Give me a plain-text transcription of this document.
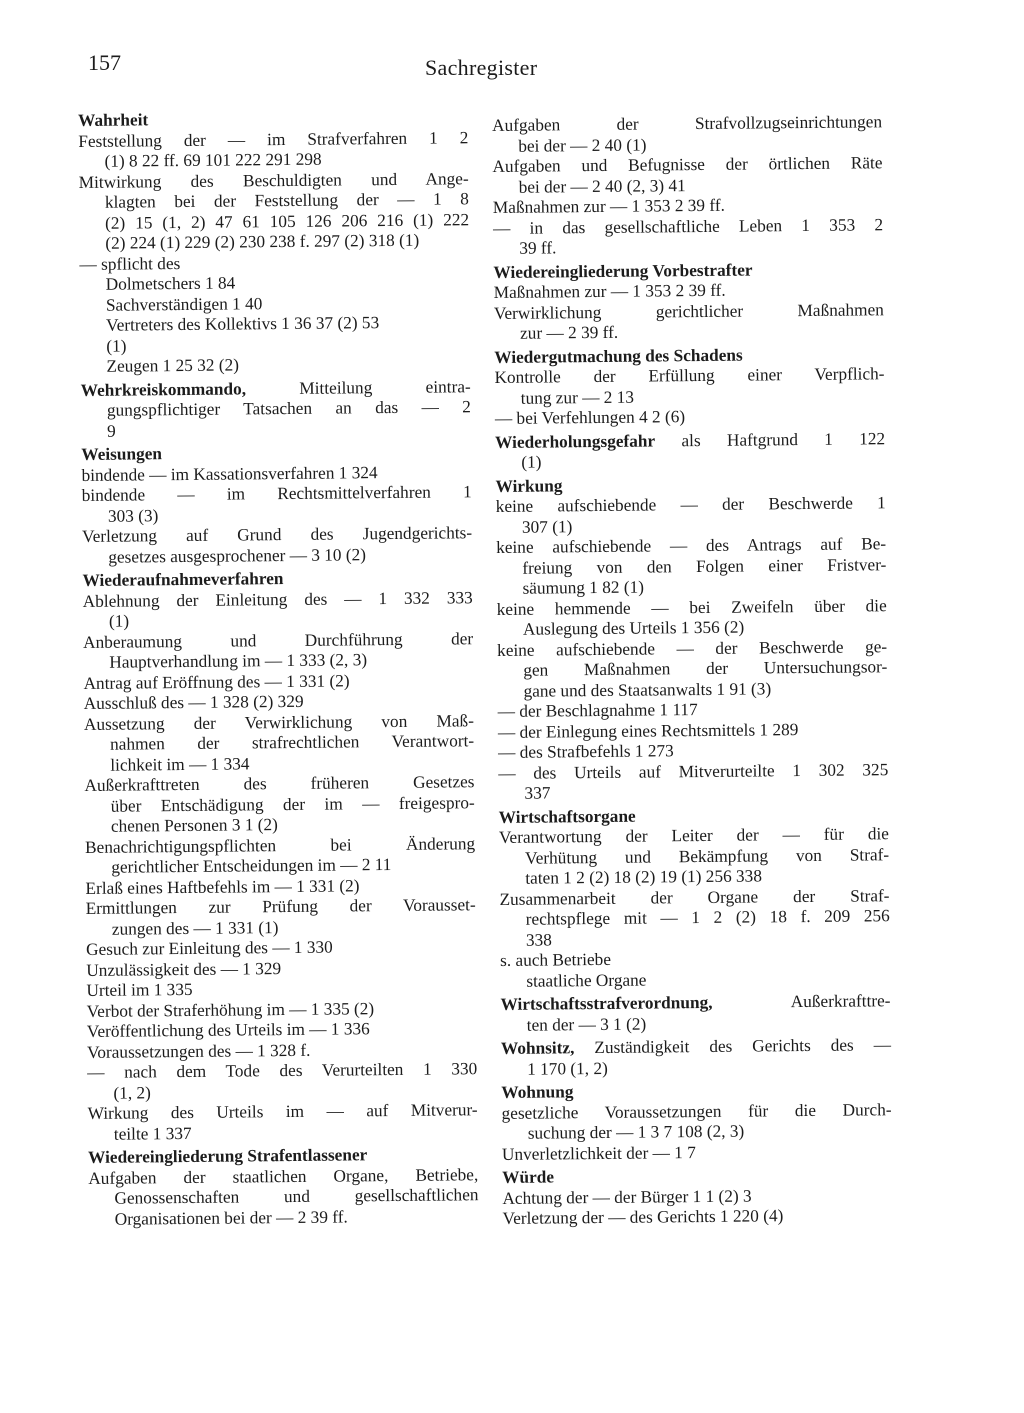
157	Sachregister
Wahrheit
Feststellung der — im Strafverfahren 1 2
(1) 8 22 ff. 69 101 222 291 298
Mitwirkung des Beschuldigten und Ange-
klagten bei der Feststellung der — 1 8
(2) 15 (1, 2) 47 61 105 126 206 216 (1) 222
(2) 224 (1) 229 (2) 230 238 f. 297 (2) 318 (1)
— spflicht des
Dolmetschers 1 84
Sachverständigen 1 40
Vertreters des Kollektivs 1 36 37 (2) 53
(1)
Zeugen 1 25 32 (2)
Wehrkreiskommando, Mitteilung eintra-
gungspflichtiger Tatsachen an das — 2
9
Weisungen
bindende — im Kassationsverfahren 1 324
bindende — im Rechtsmittelverfahren 1
303 (3)
Verletzung auf Grund des Jugendgerichts-
gesetzes ausgesprochener — 3 10 (2)
Wiederaufnahmeverfahren
Ablehnung der Einleitung des — 1 332 333
(1)
Anberaumung und Durchführung der
Hauptverhandlung im — 1 333 (2, 3)
Antrag auf Eröffnung des — 1 331 (2)
Ausschluß des — 1 328 (2) 329
Aussetzung der Verwirklichung von Maß-
nahmen der strafrechtlichen Verantwort-
lichkeit im — 1 334
Außerkrafttreten des früheren Gesetzes
über Entschädigung der im — freigespro-
chenen Personen 3 1 (2)
Benachrichtigungspflichten bei Änderung
gerichtlicher Entscheidungen im — 2 11
Erlaß eines Haftbefehls im — 1 331 (2)
Ermittlungen zur Prüfung der Vorausset-
zungen des — 1 331 (1)
Gesuch zur Einleitung des — 1 330
Unzulässigkeit des — 1 329
Urteil im 1 335
Verbot der Straferhöhung im — 1 335 (2)
Veröffentlichung des Urteils im — 1 336
Voraussetzungen des — 1 328 f.
— nach dem Tode des Verurteilten 1 330
(1, 2)
Wirkung des Urteils im — auf Mitverur-
teilte 1 337
Wiedereingliederung Strafentlassener
Aufgaben der staatlichen Organe, Betriebe,
Genossenschaften und gesellschaftlichen
Organisationen bei der — 2 39 ff.
Aufgaben der Strafvollzugseinrichtungen
bei der — 2 40 (1)
Aufgaben und Befugnisse der örtlichen Räte
bei der — 2 40 (2, 3) 41
Maßnahmen zur — 1 353 2 39 ff.
— in das gesellschaftliche Leben 1 353 2
39 ff.
Wiedereingliederung Vorbestrafter
Maßnahmen zur — 1 353 2 39 ff.
Verwirklichung gerichtlicher Maßnahmen
zur — 2 39 ff.
Wiedergutmachung des Schadens
Kontrolle der Erfüllung einer Verpflich-
tung zur — 2 13
— bei Verfehlungen 4 2 (6)
Wiederholungsgefahr als Haftgrund 1 122
(1)
Wirkung
keine aufschiebende — der Beschwerde 1
307 (1)
keine aufschiebende — des Antrags auf Be-
freiung von den Folgen einer Fristver-
säumung 1 82 (1)
keine hemmende — bei Zweifeln über die
Auslegung des Urteils 1 356 (2)
keine aufschiebende — der Beschwerde ge-
gen Maßnahmen der Untersuchungsor-
gane und des Staatsanwalts 1 91 (3)
— der Beschlagnahme 1 117
— der Einlegung eines Rechtsmittels 1 289
— des Strafbefehls 1 273
— des Urteils auf Mitverurteilte 1 302 325
337
Wirtschaftsorgane
Verantwortung der Leiter der — für die
Verhütung und Bekämpfung von Straf-
taten 1 2 (2) 18 (2) 19 (1) 256 338
Zusammenarbeit der Organe der Straf-
rechtspflege mit — 1 2 (2) 18 f. 209 256
338
s. auch Betriebe
staatliche Organe
Wirtschaftsstrafverordnung, Außerkrafttre-
ten der — 3 1 (2)
Wohnsitz, Zuständigkeit des Gerichts des —
1 170 (1, 2)
Wohnung
gesetzliche Voraussetzungen für die Durch-
suchung der — 1 3 7 108 (2, 3)
Unverletzlichkeit der — 1 7
Würde
Achtung der — der Bürger 1 1 (2) 3
Verletzung der — des Gerichts 1 220 (4)
